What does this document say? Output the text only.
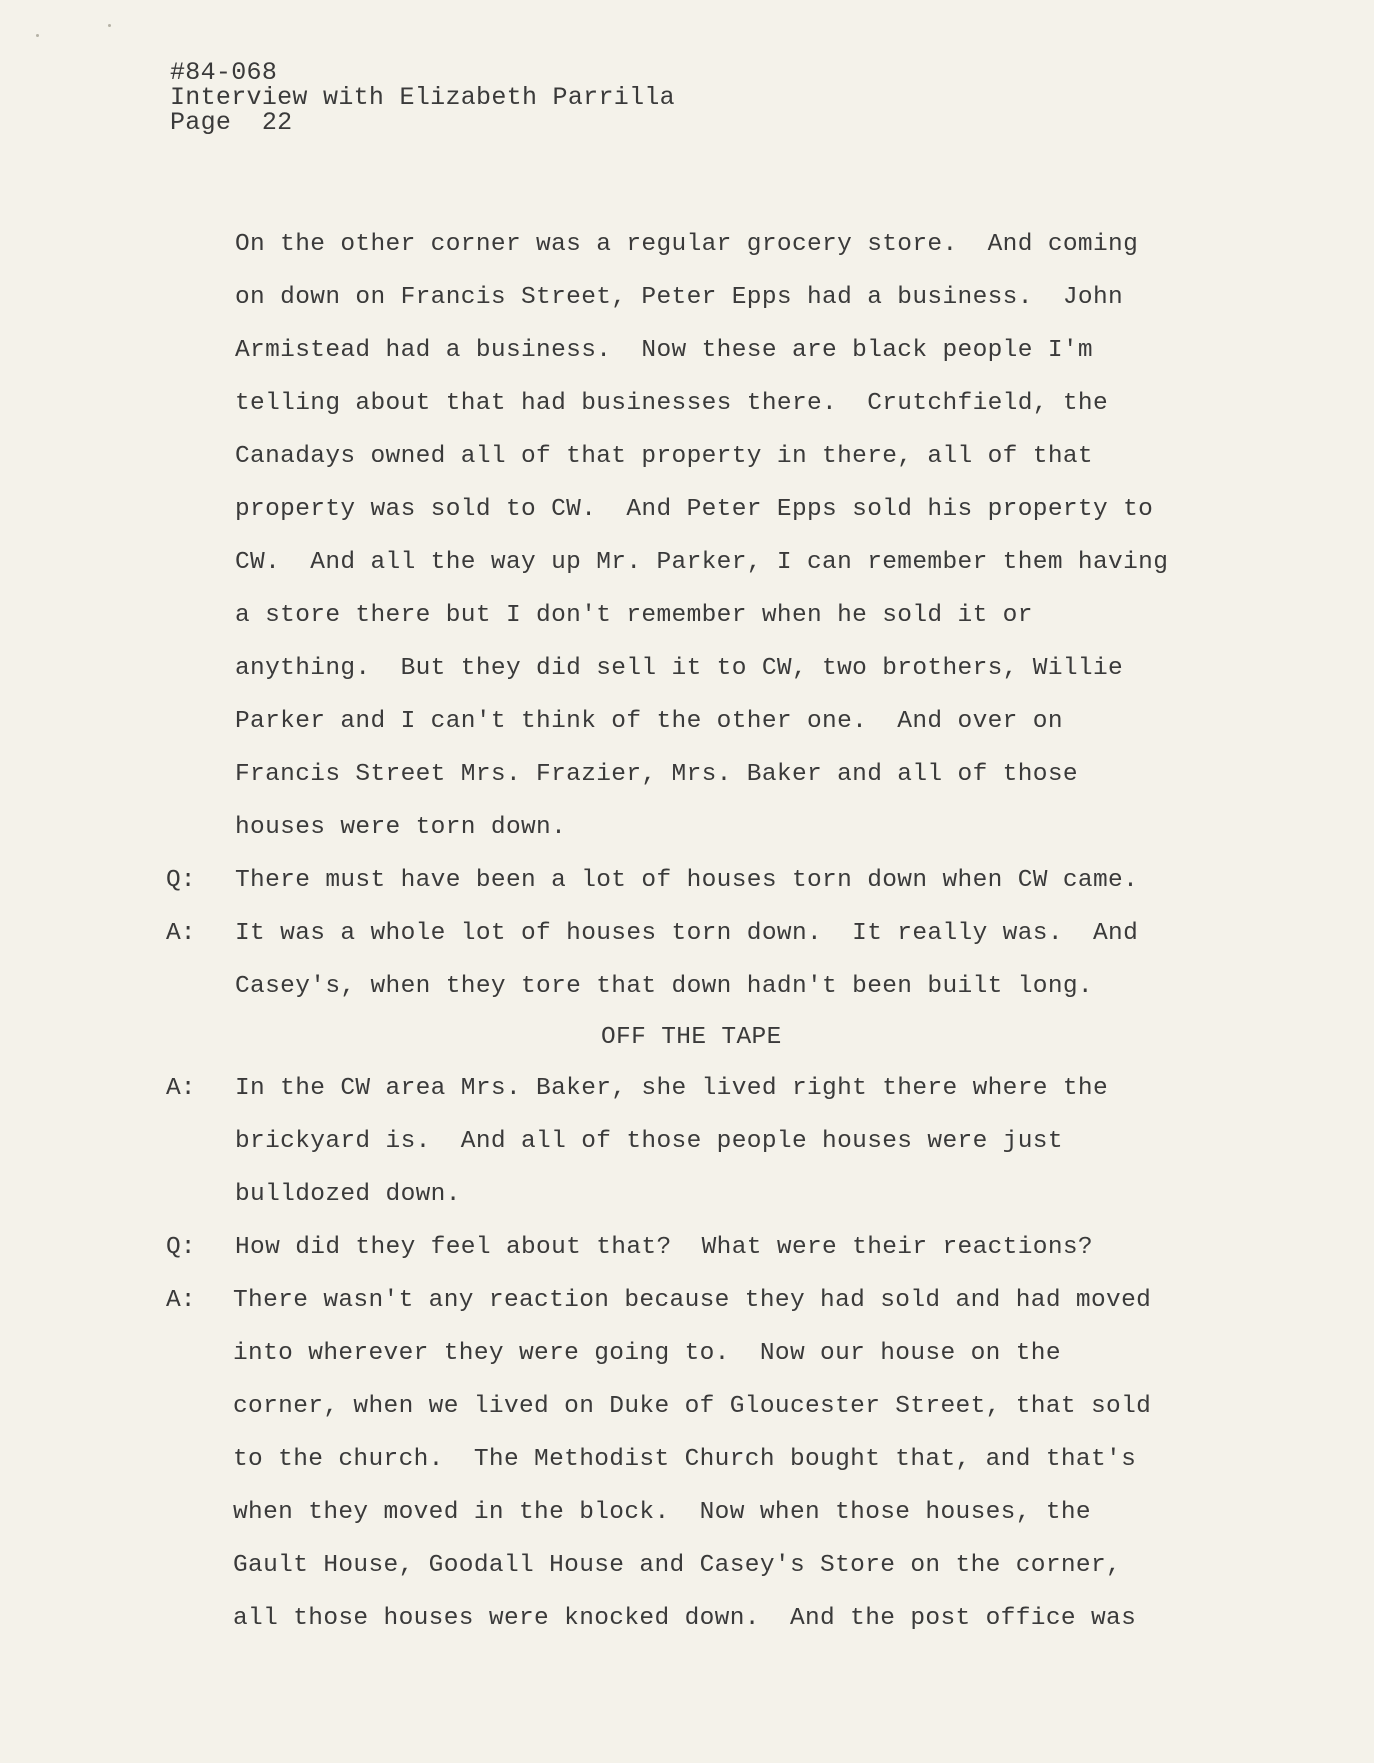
#84-068
Interview with Elizabeth Parrilla
Page  22
On the other corner was a regular grocery store.  And coming
on down on Francis Street, Peter Epps had a business.  John
Armistead had a business.  Now these are black people I'm
telling about that had businesses there.  Crutchfield, the
Canadays owned all of that property in there, all of that
property was sold to CW.  And Peter Epps sold his property to
CW.  And all the way up Mr. Parker, I can remember them having
a store there but I don't remember when he sold it or
anything.  But they did sell it to CW, two brothers, Willie
Parker and I can't think of the other one.  And over on
Francis Street Mrs. Frazier, Mrs. Baker and all of those
houses were torn down.
Q: There must have been a lot of houses torn down when CW came.
A: It was a whole lot of houses torn down.  It really was.  And
Casey's, when they tore that down hadn't been built long.
OFF THE TAPE
A: In the CW area Mrs. Baker, she lived right there where the
brickyard is.  And all of those people houses were just
bulldozed down.
Q: How did they feel about that?  What were their reactions?
A: There wasn't any reaction because they had sold and had moved
into wherever they were going to.  Now our house on the
corner, when we lived on Duke of Gloucester Street, that sold
to the church.  The Methodist Church bought that, and that's
when they moved in the block.  Now when those houses, the
Gault House, Goodall House and Casey's Store on the corner,
all those houses were knocked down.  And the post office was
